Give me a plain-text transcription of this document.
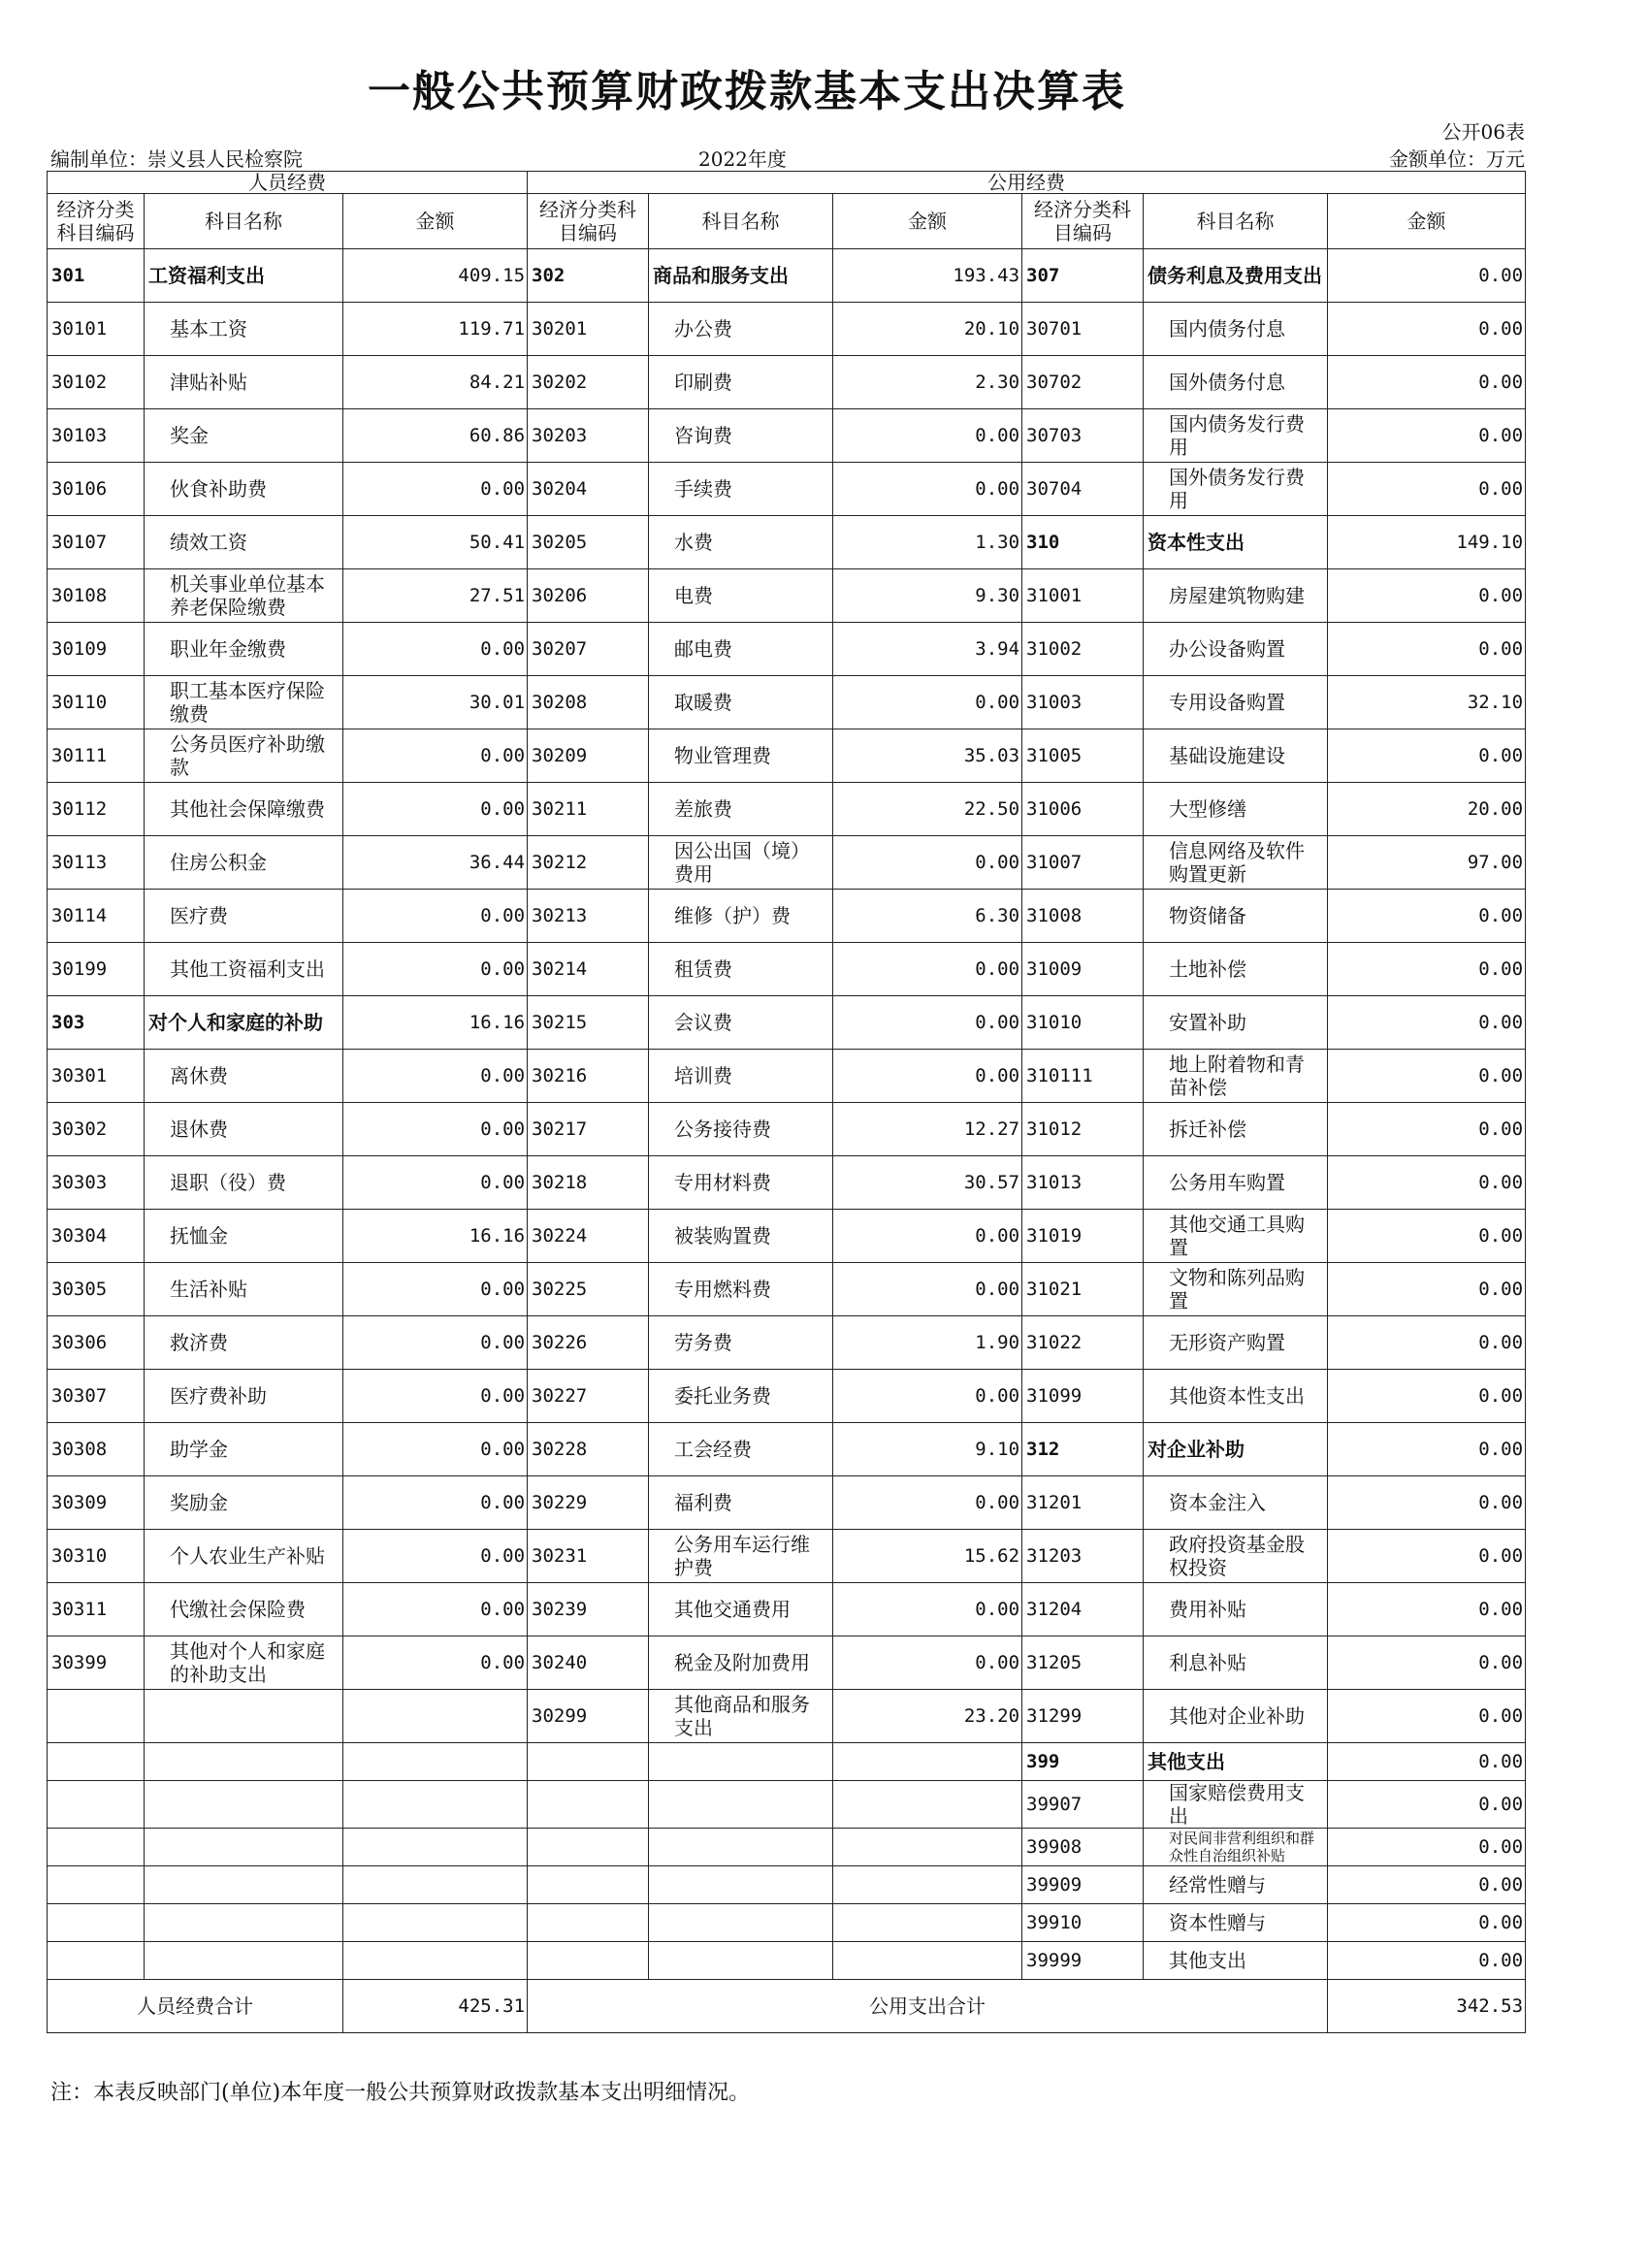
一般公共预算财政拨款基本支出决算表
公开06表
编制单位：崇义县人民检察院	2022年度	金额单位：万元
人员经费			公用经费					
经济分类科目编码	科目名称	金额	经济分类科目编码	科目名称	金额	经济分类科目编码	科目名称	金额
301	工资福利支出	409.15	302	商品和服务支出	193.43	307	债务利息及费用支出	0.00
30101	基本工资	119.71	30201	办公费	20.10	30701	国内债务付息	0.00
30102	津贴补贴	84.21	30202	印刷费	2.30	30702	国外债务付息	0.00
30103	奖金	60.86	30203	咨询费	0.00	30703	国内债务发行费用	0.00
30106	伙食补助费	0.00	30204	手续费	0.00	30704	国外债务发行费用	0.00
30107	绩效工资	50.41	30205	水费	1.30	310	资本性支出	149.10
30108	机关事业单位基本养老保险缴费	27.51	30206	电费	9.30	31001	房屋建筑物购建	0.00
30109	职业年金缴费	0.00	30207	邮电费	3.94	31002	办公设备购置	0.00
30110	职工基本医疗保险缴费	30.01	30208	取暖费	0.00	31003	专用设备购置	32.10
30111	公务员医疗补助缴款	0.00	30209	物业管理费	35.03	31005	基础设施建设	0.00
30112	其他社会保障缴费	0.00	30211	差旅费	22.50	31006	大型修缮	20.00
30113	住房公积金	36.44	30212	因公出国（境）费用	0.00	31007	信息网络及软件购置更新	97.00
30114	医疗费	0.00	30213	维修（护）费	6.30	31008	物资储备	0.00
30199	其他工资福利支出	0.00	30214	租赁费	0.00	31009	土地补偿	0.00
303	对个人和家庭的补助	16.16	30215	会议费	0.00	31010	安置补助	0.00
30301	离休费	0.00	30216	培训费	0.00	310111	地上附着物和青苗补偿	0.00
30302	退休费	0.00	30217	公务接待费	12.27	31012	拆迁补偿	0.00
30303	退职（役）费	0.00	30218	专用材料费	30.57	31013	公务用车购置	0.00
30304	抚恤金	16.16	30224	被装购置费	0.00	31019	其他交通工具购置	0.00
30305	生活补贴	0.00	30225	专用燃料费	0.00	31021	文物和陈列品购置	0.00
30306	救济费	0.00	30226	劳务费	1.90	31022	无形资产购置	0.00
30307	医疗费补助	0.00	30227	委托业务费	0.00	31099	其他资本性支出	0.00
30308	助学金	0.00	30228	工会经费	9.10	312	对企业补助	0.00
30309	奖励金	0.00	30229	福利费	0.00	31201	资本金注入	0.00
30310	个人农业生产补贴	0.00	30231	公务用车运行维护费	15.62	31203	政府投资基金股权投资	0.00
30311	代缴社会保险费	0.00	30239	其他交通费用	0.00	31204	费用补贴	0.00
30399	其他对个人和家庭的补助支出	0.00	30240	税金及附加费用	0.00	31205	利息补贴	0.00
			30299	其他商品和服务支出	23.20	31299	其他对企业补助	0.00
						399	其他支出	0.00
						39907	国家赔偿费用支出	0.00
						39908	对民间非营利组织和群众性自治组织补贴	0.00
						39909	经常性赠与	0.00
						39910	资本性赠与	0.00
						39999	其他支出	0.00
人员经费合计		425.31	公用支出合计					342.53
注：本表反映部门(单位)本年度一般公共预算财政拨款基本支出明细情况。
